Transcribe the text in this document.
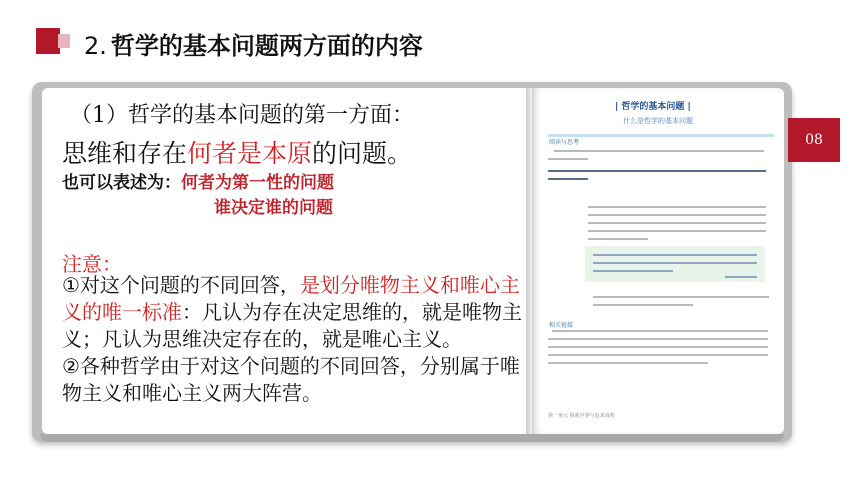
2. 哲学的基本问题两方面的内容
08
（1）哲学的基本问题的第一方面：
思维和存在何者是本原的问题。
也可以表述为：何者为第一性的问题
谁决定谁的问题
注意：

①对这个问题的不同回答，是划分唯物主义和唯心主义的唯一标准：凡认为存在决定思维的，就是唯物主义；凡认为思维决定存在的，就是唯心主义。

②各种哲学由于对这个问题的不同回答，分别属于唯物主义和唯心主义两大阵营。

| 哲学的基本问题 |
什么是哲学的基本问题
阅读与思考
相关链接
第一单元 探索世界与追求真理
